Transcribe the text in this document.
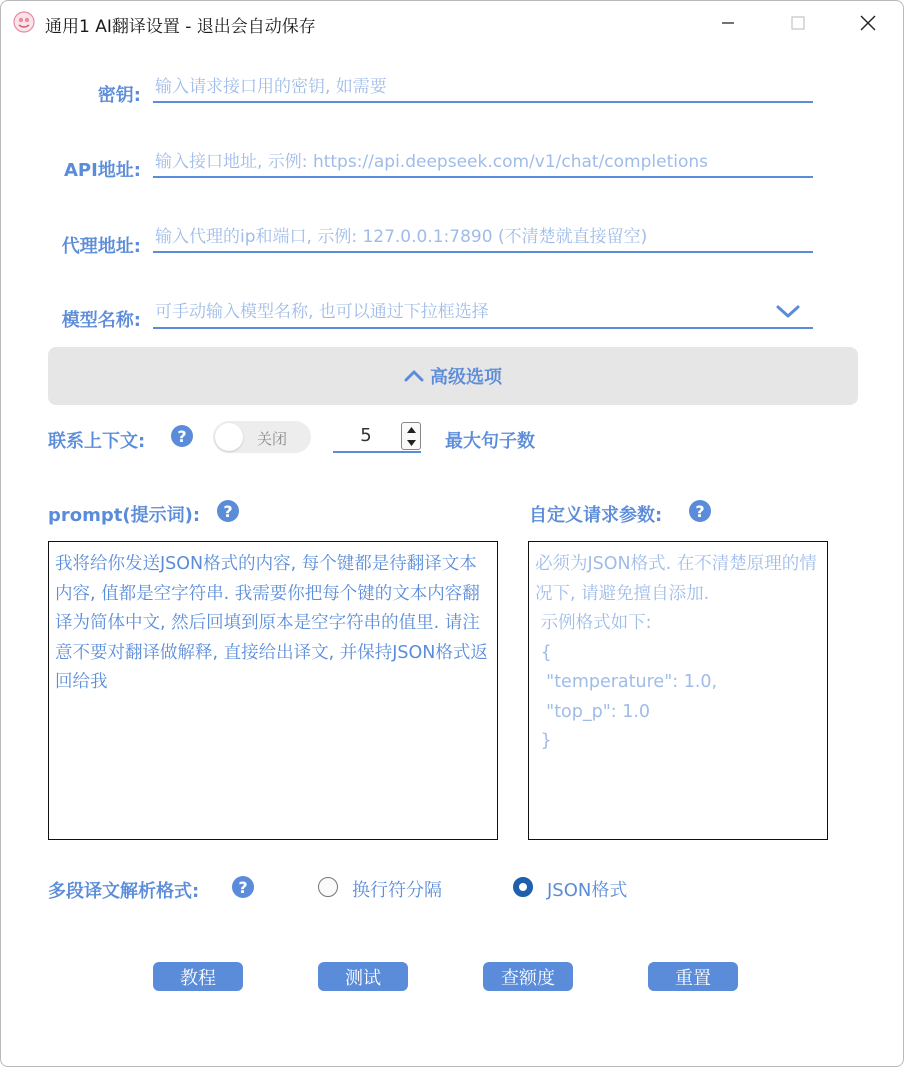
通用1 AI翻译设置 - 退出会自动保存
密钥:
输入请求接口用的密钥, 如需要
API地址:
输入接口地址, 示例: https://api.deepseek.com/v1/chat/completions
代理地址:
输入代理的ip和端口, 示例: 127.0.0.1:7890 (不清楚就直接留空)
模型名称:
可手动输入模型名称, 也可以通过下拉框选择
高级选项
联系上下文:	?	关闭	5	最大句子数
prompt(提示词):	?
我将给你发送JSON格式的内容, 每个键都是待翻译文本内容, 值都是空字符串. 我需要你把每个键的文本内容翻译为简体中文, 然后回填到原本是空字符串的值里. 请注意不要对翻译做解释, 直接给出译文, 并保持JSON格式返回给我
自定义请求参数:	?
必须为JSON格式. 在不清楚原理的情况下, 请避免擅自添加.
示例格式如下:
{
"temperature": 1.0,
"top_p": 1.0
}
多段译文解析格式:	?	换行符分隔	JSON格式
教程	测试	查额度	重置
